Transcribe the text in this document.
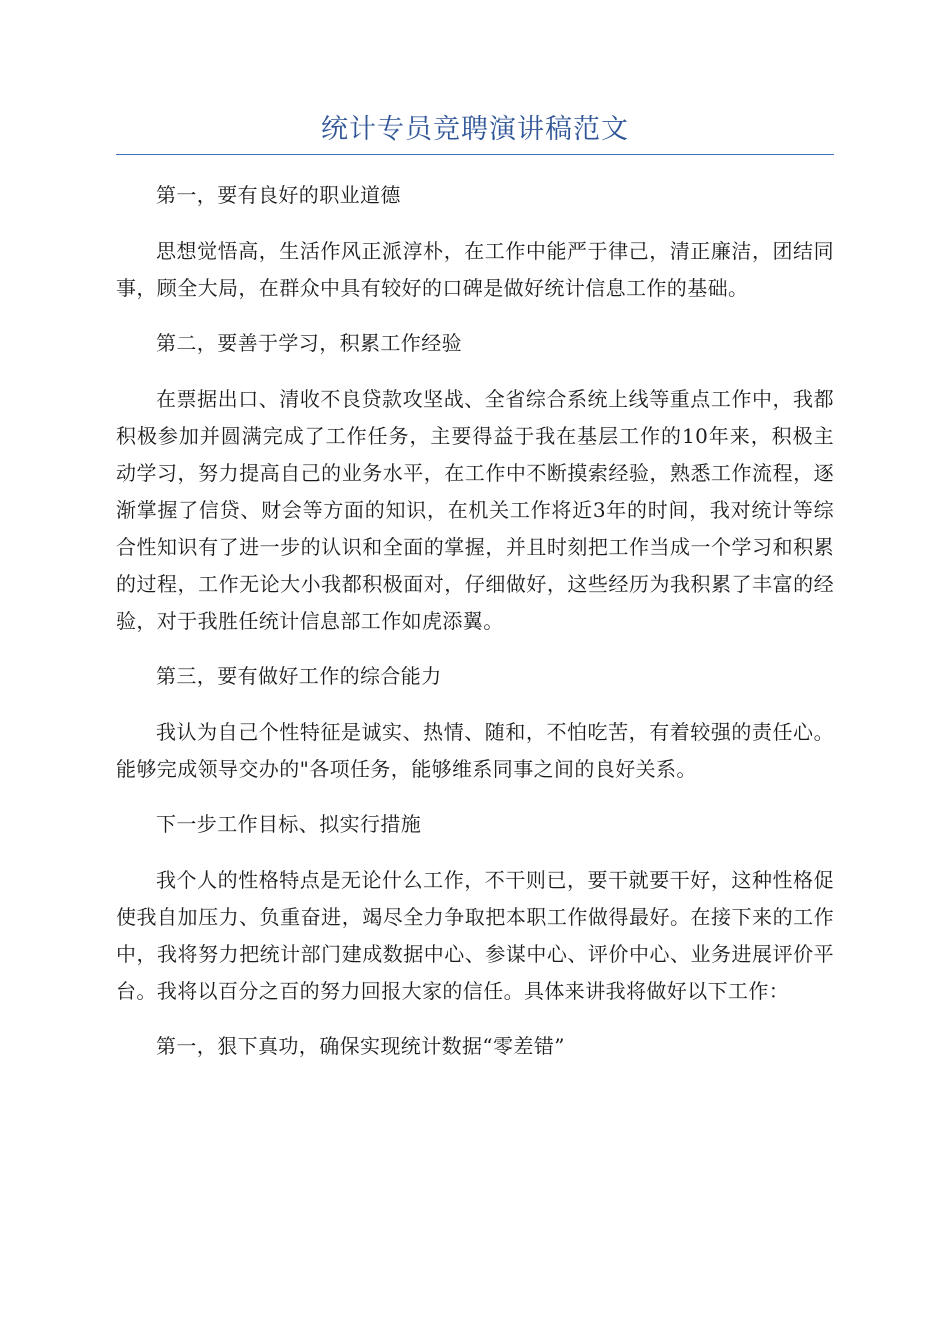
统计专员竞聘演讲稿范文

第一，要有良好的职业道德

思想觉悟高，生活作风正派淳朴，在工作中能严于律己，清正廉洁，团结同事，顾全大局，在群众中具有较好的口碑是做好统计信息工作的基础。

第二，要善于学习，积累工作经验

在票据出口、清收不良贷款攻坚战、全省综合系统上线等重点工作中，我都积极参加并圆满完成了工作任务，主要得益于我在基层工作的10年来，积极主动学习，努力提高自己的业务水平，在工作中不断摸索经验，熟悉工作流程，逐渐掌握了信贷、财会等方面的知识，在机关工作将近3年的时间，我对统计等综合性知识有了进一步的认识和全面的掌握，并且时刻把工作当成一个学习和积累的过程，工作无论大小我都积极面对，仔细做好，这些经历为我积累了丰富的经验，对于我胜任统计信息部工作如虎添翼。

第三，要有做好工作的综合能力

我认为自己个性特征是诚实、热情、随和，不怕吃苦，有着较强的责任心。能够完成领导交办的"各项任务，能够维系同事之间的良好关系。

下一步工作目标、拟实行措施

我个人的性格特点是无论什么工作，不干则已，要干就要干好，这种性格促使我自加压力、负重奋进，竭尽全力争取把本职工作做得最好。在接下来的工作中，我将努力把统计部门建成数据中心、参谋中心、评价中心、业务进展评价平台。我将以百分之百的努力回报大家的信任。具体来讲我将做好以下工作：

第一，狠下真功，确保实现统计数据“零差错”
